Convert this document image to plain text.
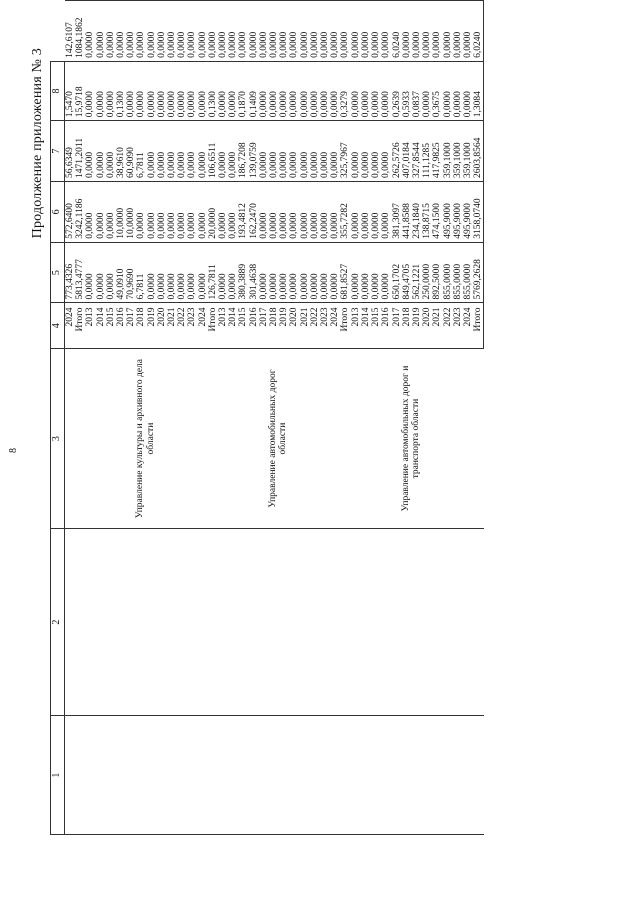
8
Продолжение приложения № 3
1	2	3	4	5	6	7	8	
			2024	773,4326	572,6400	56,6349	1,5470	142,6107
			Итого	5813,4777	3242,1186	1471,2011	15,9718	1084,1862

		Управление культуры и архивного дела области	2013	0,0000	0,0000	0,0000	0,0000	0,0000
			2014	0,0000	0,0000	0,0000	0,0000	0,0000
			2015	0,0000	0,0000	0,0000	0,0000	0,0000
			2016	49,0910	10,0000	38,9610	0,1300	0,0000
			2017	70,9690	10,0000	60,9090	0,0000	0,0000
			2018	6,7811	0,0000	6,7811	0,0000	0,0000
			2019	0,0000	0,0000	0,0000	0,0000	0,0000
			2020	0,0000	0,0000	0,0000	0,0000	0,0000
			2021	0,0000	0,0000	0,0000	0,0000	0,0000
			2022	0,0000	0,0000	0,0000	0,0000	0,0000
			2023	0,0000	0,0000	0,0000	0,0000	0,0000
			2024	0,0000	0,0000	0,0000	0,0000	0,0000
			Итого	126,7811	20,0000	106,6511	0,1300	0,0000

		Управление автомобильных дорог области	2013	0,0000	0,0000	0,0000	0,0000	0,0000
			2014	0,0000	0,0000	0,0000	0,0000	0,0000
			2015	380,3889	193,4812	186,7208	0,1870	0,0000
			2016	301,4638	162,2470	139,0759	0,1409	0,0000
			2017	0,0000	0,0000	0,0000	0,0000	0,0000
			2018	0,0000	0,0000	0,0000	0,0000	0,0000
			2019	0,0000	0,0000	0,0000	0,0000	0,0000
			2020	0,0000	0,0000	0,0000	0,0000	0,0000
			2021	0,0000	0,0000	0,0000	0,0000	0,0000
			2022	0,0000	0,0000	0,0000	0,0000	0,0000
			2023	0,0000	0,0000	0,0000	0,0000	0,0000
			2024	0,0000	0,0000	0,0000	0,0000	0,0000
			Итого	681,8527	355,7282	325,7967	0,3279	0,0000

		Управление автомобильных дорог и транспорта области	2013	0,0000	0,0000	0,0000	0,0000	0,0000
			2014	0,0000	0,0000	0,0000	0,0000	0,0000
			2015	0,0000	0,0000	0,0000	0,0000	0,0000
			2016	0,0000	0,0000	0,0000	0,0000	0,0000
			2017	650,1702	381,3097	262,5726	0,2639	6,0240
			2018	849,4705	441,8588	407,0184	0,5933	0,0000
			2019	562,1221	234,1840	327,8544	0,0837	0,0000
			2020	250,0000	138,8715	111,1285	0,0000	0,0000
			2021	892,5000	474,1500	417,9825	0,3675	0,0000
			2022	855,0000	495,9000	359,1000	0,0000	0,0000
			2023	855,0000	495,9000	359,1000	0,0000	0,0000
			2024	855,0000	495,9000	359,1000	0,0000	0,0000
			Итого	5769,2628	3158,0740	2603,8564	1,3084	6,0240
